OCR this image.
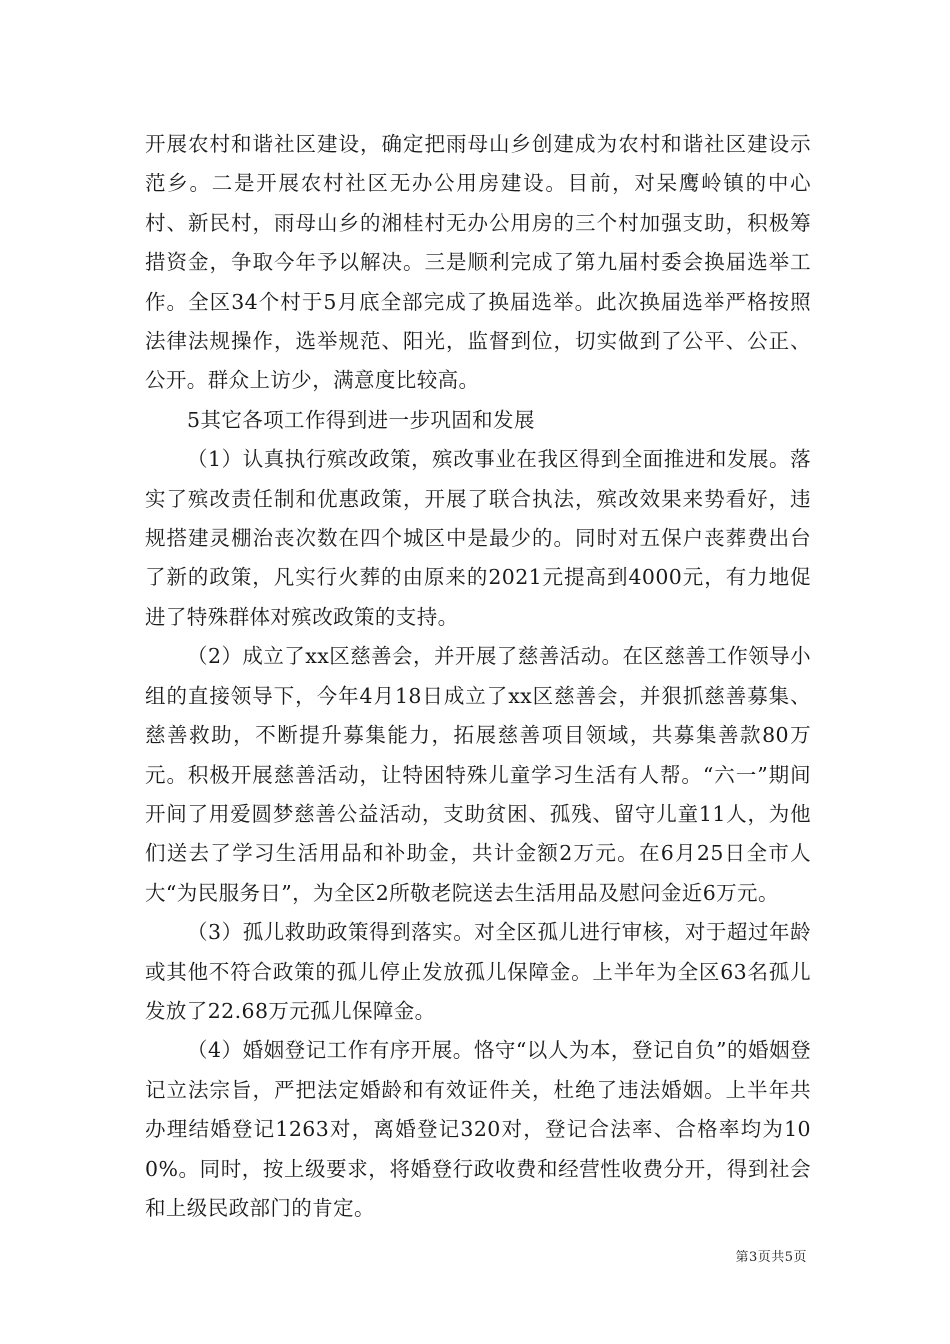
开展农村和谐社区建设，确定把雨母山乡创建成为农村和谐社区建设示范乡。二是开展农村社区无办公用房建设。目前，对呆鹰岭镇的中心村、新民村，雨母山乡的湘桂村无办公用房的三个村加强支助，积极筹措资金，争取今年予以解决。三是顺利完成了第九届村委会换届选举工作。全区34个村于5月底全部完成了换届选举。此次换届选举严格按照法律法规操作，选举规范、阳光，监督到位，切实做到了公平、公正、公开。群众上访少，满意度比较高。

5其它各项工作得到进一步巩固和发展

（1）认真执行殡改政策，殡改事业在我区得到全面推进和发展。落实了殡改责任制和优惠政策，开展了联合执法，殡改效果来势看好，违规搭建灵棚治丧次数在四个城区中是最少的。同时对五保户丧葬费出台了新的政策，凡实行火葬的由原来的2021元提高到4000元，有力地促进了特殊群体对殡改政策的支持。

（2）成立了xx区慈善会，并开展了慈善活动。在区慈善工作领导小组的直接领导下，今年4月18日成立了xx区慈善会，并狠抓慈善募集、慈善救助，不断提升募集能力，拓展慈善项目领域，共募集善款80万元。积极开展慈善活动，让特困特殊儿童学习生活有人帮。“六一”期间开间了用爱圆梦慈善公益活动，支助贫困、孤残、留守儿童11人，为他们送去了学习生活用品和补助金，共计金额2万元。在6月25日全市人大“为民服务日”，为全区2所敬老院送去生活用品及慰问金近6万元。

（3）孤儿救助政策得到落实。对全区孤儿进行审核，对于超过年龄或其他不符合政策的孤儿停止发放孤儿保障金。上半年为全区63名孤儿发放了22.68万元孤儿保障金。

（4）婚姻登记工作有序开展。恪守“以人为本，登记自负”的婚姻登记立法宗旨，严把法定婚龄和有效证件关，杜绝了违法婚姻。上半年共办理结婚登记1263对，离婚登记320对，登记合法率、合格率均为100%。同时，按上级要求，将婚登行政收费和经营性收费分开，得到社会和上级民政部门的肯定。

第3页共5页
